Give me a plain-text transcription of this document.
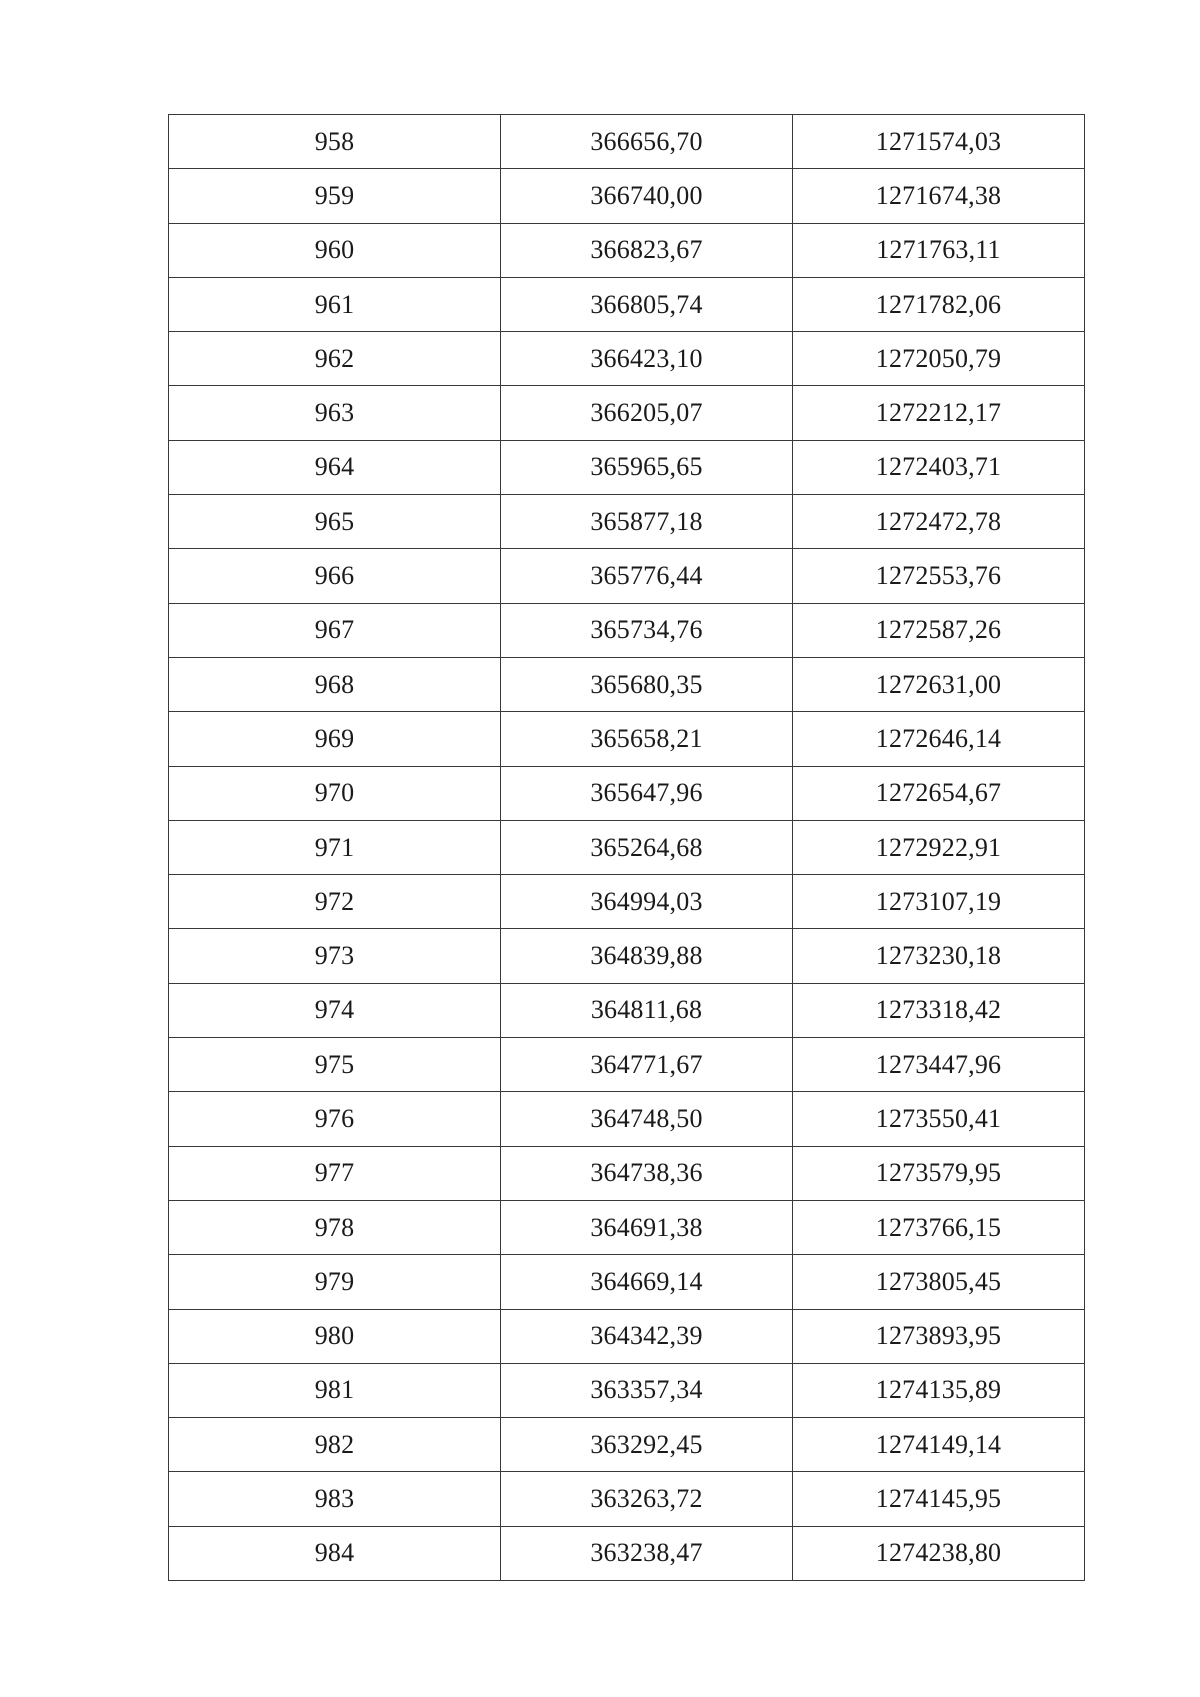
958	366656,70	1271574,03
959	366740,00	1271674,38
960	366823,67	1271763,11
961	366805,74	1271782,06
962	366423,10	1272050,79
963	366205,07	1272212,17
964	365965,65	1272403,71
965	365877,18	1272472,78
966	365776,44	1272553,76
967	365734,76	1272587,26
968	365680,35	1272631,00
969	365658,21	1272646,14
970	365647,96	1272654,67
971	365264,68	1272922,91
972	364994,03	1273107,19
973	364839,88	1273230,18
974	364811,68	1273318,42
975	364771,67	1273447,96
976	364748,50	1273550,41
977	364738,36	1273579,95
978	364691,38	1273766,15
979	364669,14	1273805,45
980	364342,39	1273893,95
981	363357,34	1274135,89
982	363292,45	1274149,14
983	363263,72	1274145,95
984	363238,47	1274238,80
